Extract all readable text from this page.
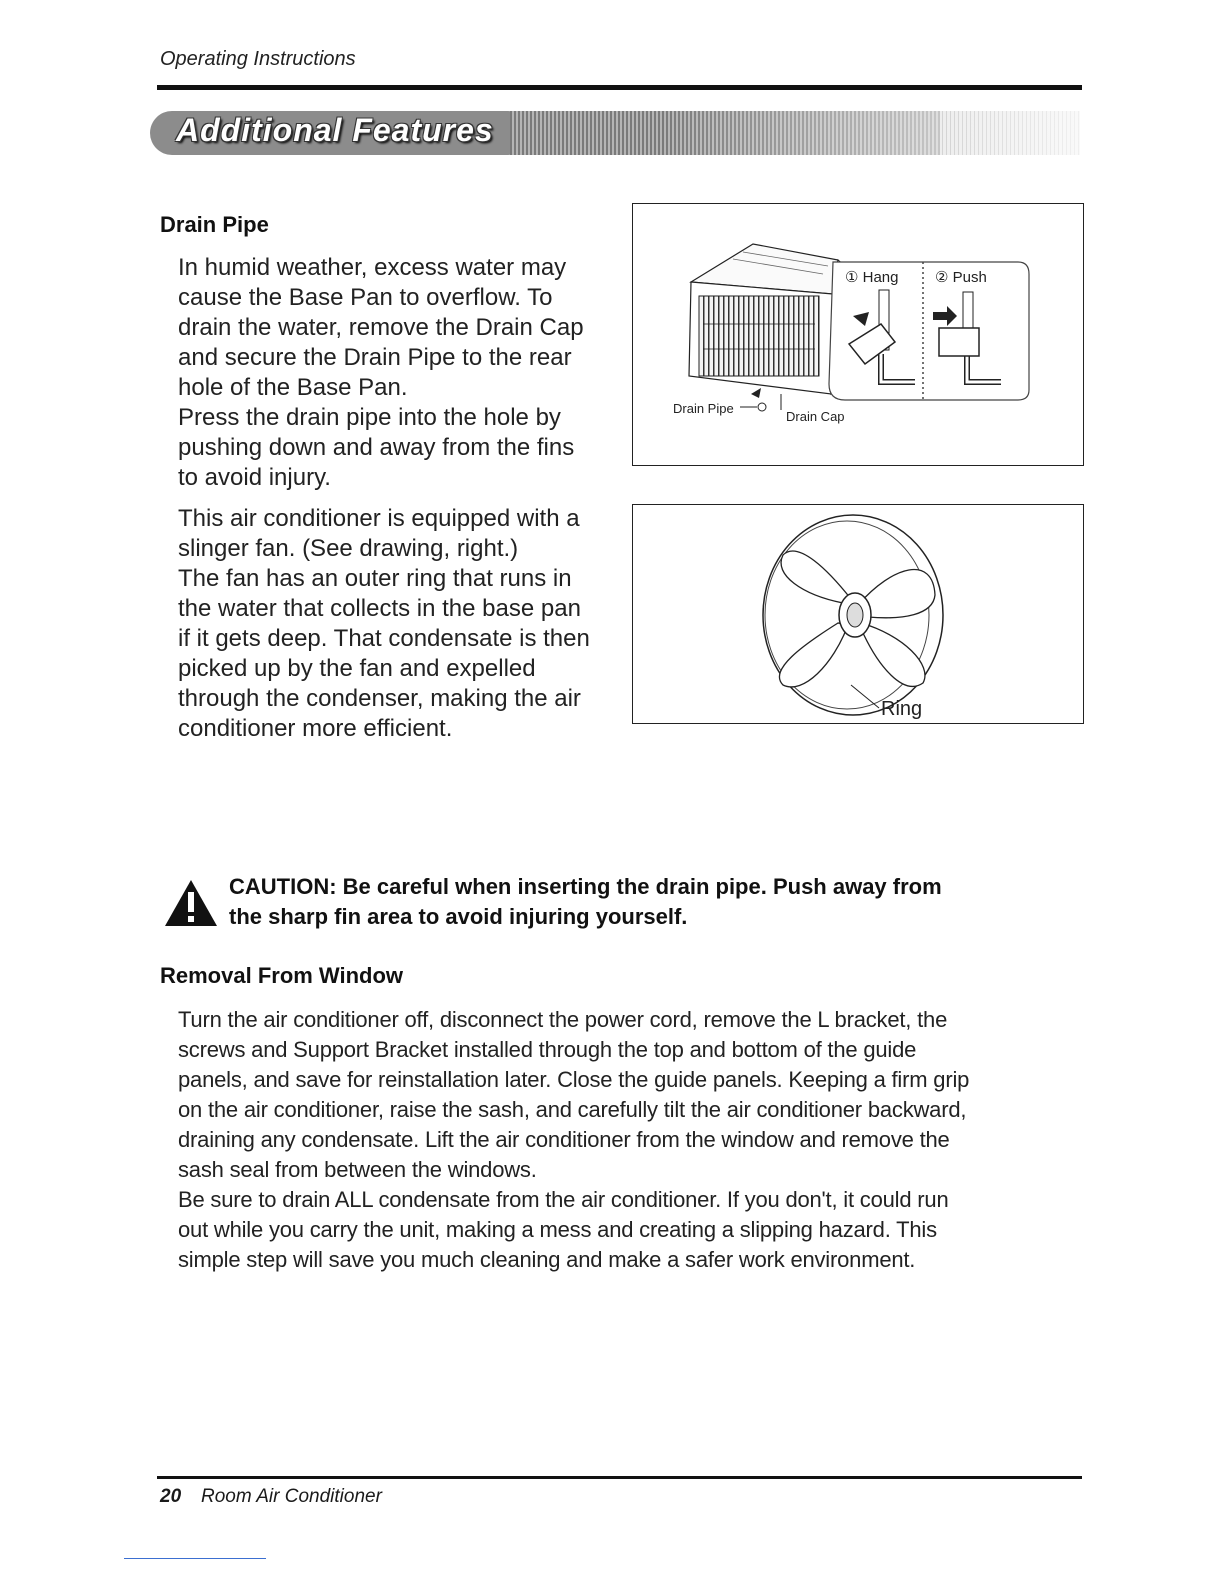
Operating Instructions
Additional Features
Drain Pipe
In humid weather, excess water may
cause the Base Pan to overflow. To
drain the water, remove the Drain Cap
and secure the Drain Pipe to the rear
hole of the Base Pan.
Press the drain pipe into the hole by
pushing down and away from the fins
to avoid injury.
This air conditioner is equipped with a
slinger fan. (See drawing, right.)
The fan has an outer ring that runs in
the water that collects in the base pan
if it gets deep. That condensate is then
picked up by the fan and expelled
through the condenser, making the air
conditioner more efficient.
Drain Pipe
Drain Cap
① Hang ② Push
Ring
CAUTION: Be careful when inserting the drain pipe. Push away from
the sharp fin area to avoid injuring yourself.
Removal From Window
Turn the air conditioner off, disconnect the power cord, remove the L bracket, the
screws and Support Bracket installed through the top and bottom of the guide
panels, and save for reinstallation later. Close the guide panels. Keeping a firm grip
on the air conditioner, raise the sash, and carefully tilt the air conditioner backward,
draining any condensate. Lift the air conditioner from the window and remove the
sash seal from between the windows.
Be sure to drain ALL condensate from the air conditioner. If you don't, it could run
out while you carry the unit, making a mess and creating a slipping hazard. This
simple step will save you much cleaning and make a safer work environment.
20 Room Air Conditioner
